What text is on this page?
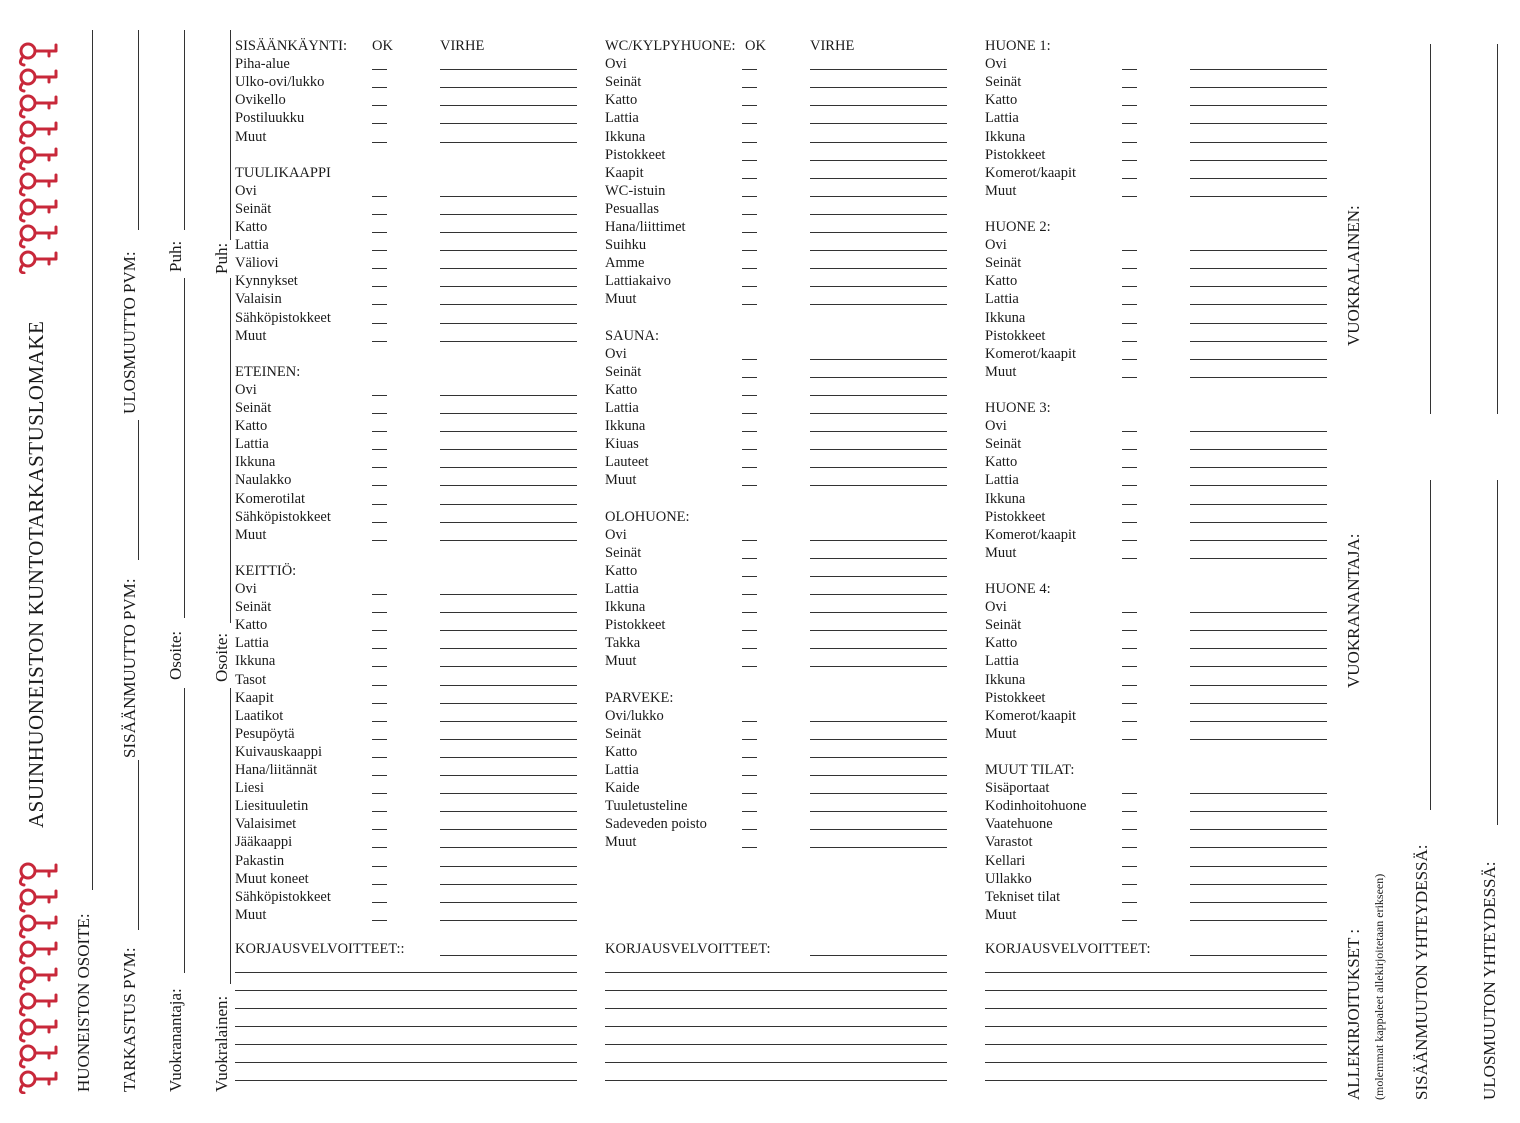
ASUINHUONEISTON KUNTOTARKASTUSLOMAKE
HUONEISTON OSOITE: TARKASTUS PVM:
SISÄÄNMUUTTO PVM:
ULOSMUUTTO PVM:
Vuokranantaja:
Osoite:
Puh:
Vuokralainen:
Osoite:
Puh:
SISÄÄNKÄYNTI: OK	VIRHE
Piha-alue
Ulko-ovi/lukko
Ovikello
Postiluukku
Muut
TUULIKAAPPI
Ovi
Seinät
Katto
Lattia
Väliovi
Kynnykset
Valaisin
Sähköpistokkeet
Muut
ETEINEN:
Ovi
Seinät
Katto
Lattia
Ikkuna
Naulakko
Komerotilat
Sähköpistokkeet
Muut
KEITTIÖ:
Ovi
Seinät
Katto
Lattia
Ikkuna
Tasot
Kaapit
Laatikot
Pesupöytä
Kuivauskaappi
Hana/liitännät
Liesi
Liesituuletin
Valaisimet
Jääkaappi
Pakastin
Muut koneet
Sähköpistokkeet
Muut
KORJAUSVELVOITTEET::
WC/KYLPYHUONE: OK	VIRHE
Ovi
Seinät
Katto
Lattia
Ikkuna
Pistokkeet
Kaapit
WC-istuin
Pesuallas
Hana/liittimet
Suihku
Amme
Lattiakaivo
Muut
SAUNA:
Ovi
Seinät
Katto
Lattia
Ikkuna
Kiuas
Lauteet
Muut
OLOHUONE:
Ovi
Seinät
Katto
Lattia
Ikkuna
Pistokkeet
Takka
Muut
PARVEKE:
Ovi/lukko
Seinät
Katto
Lattia
Kaide
Tuuletusteline
Sadeveden poisto
Muut
KORJAUSVELVOITTEET:
HUONE 1:
Ovi
Seinät
Katto
Lattia
Ikkuna
Pistokkeet
Komerot/kaapit
Muut
HUONE 2:
Ovi
Seinät
Katto
Lattia
Ikkuna
Pistokkeet
Komerot/kaapit
Muut
HUONE 3:
Ovi
Seinät
Katto
Lattia
Ikkuna
Pistokkeet
Komerot/kaapit
Muut
HUONE 4:
Ovi
Seinät
Katto
Lattia
Ikkuna
Pistokkeet
Komerot/kaapit
Muut
MUUT TILAT:
Sisäportaat
Kodinhoitohuone
Vaatehuone
Varastot
Kellari
Ullakko
Tekniset tilat
Muut
KORJAUSVELVOITTEET:
VUOKRALAINEN:
VUOKRANANTAJA:
ALLEKIRJOITUKSET : (molemmat kappaleet allekirjoitetaan erikseen) SISÄÄNMUUTON YHTEYDESSÄ:	ULOSMUUTON YHTEYDESSÄ:
